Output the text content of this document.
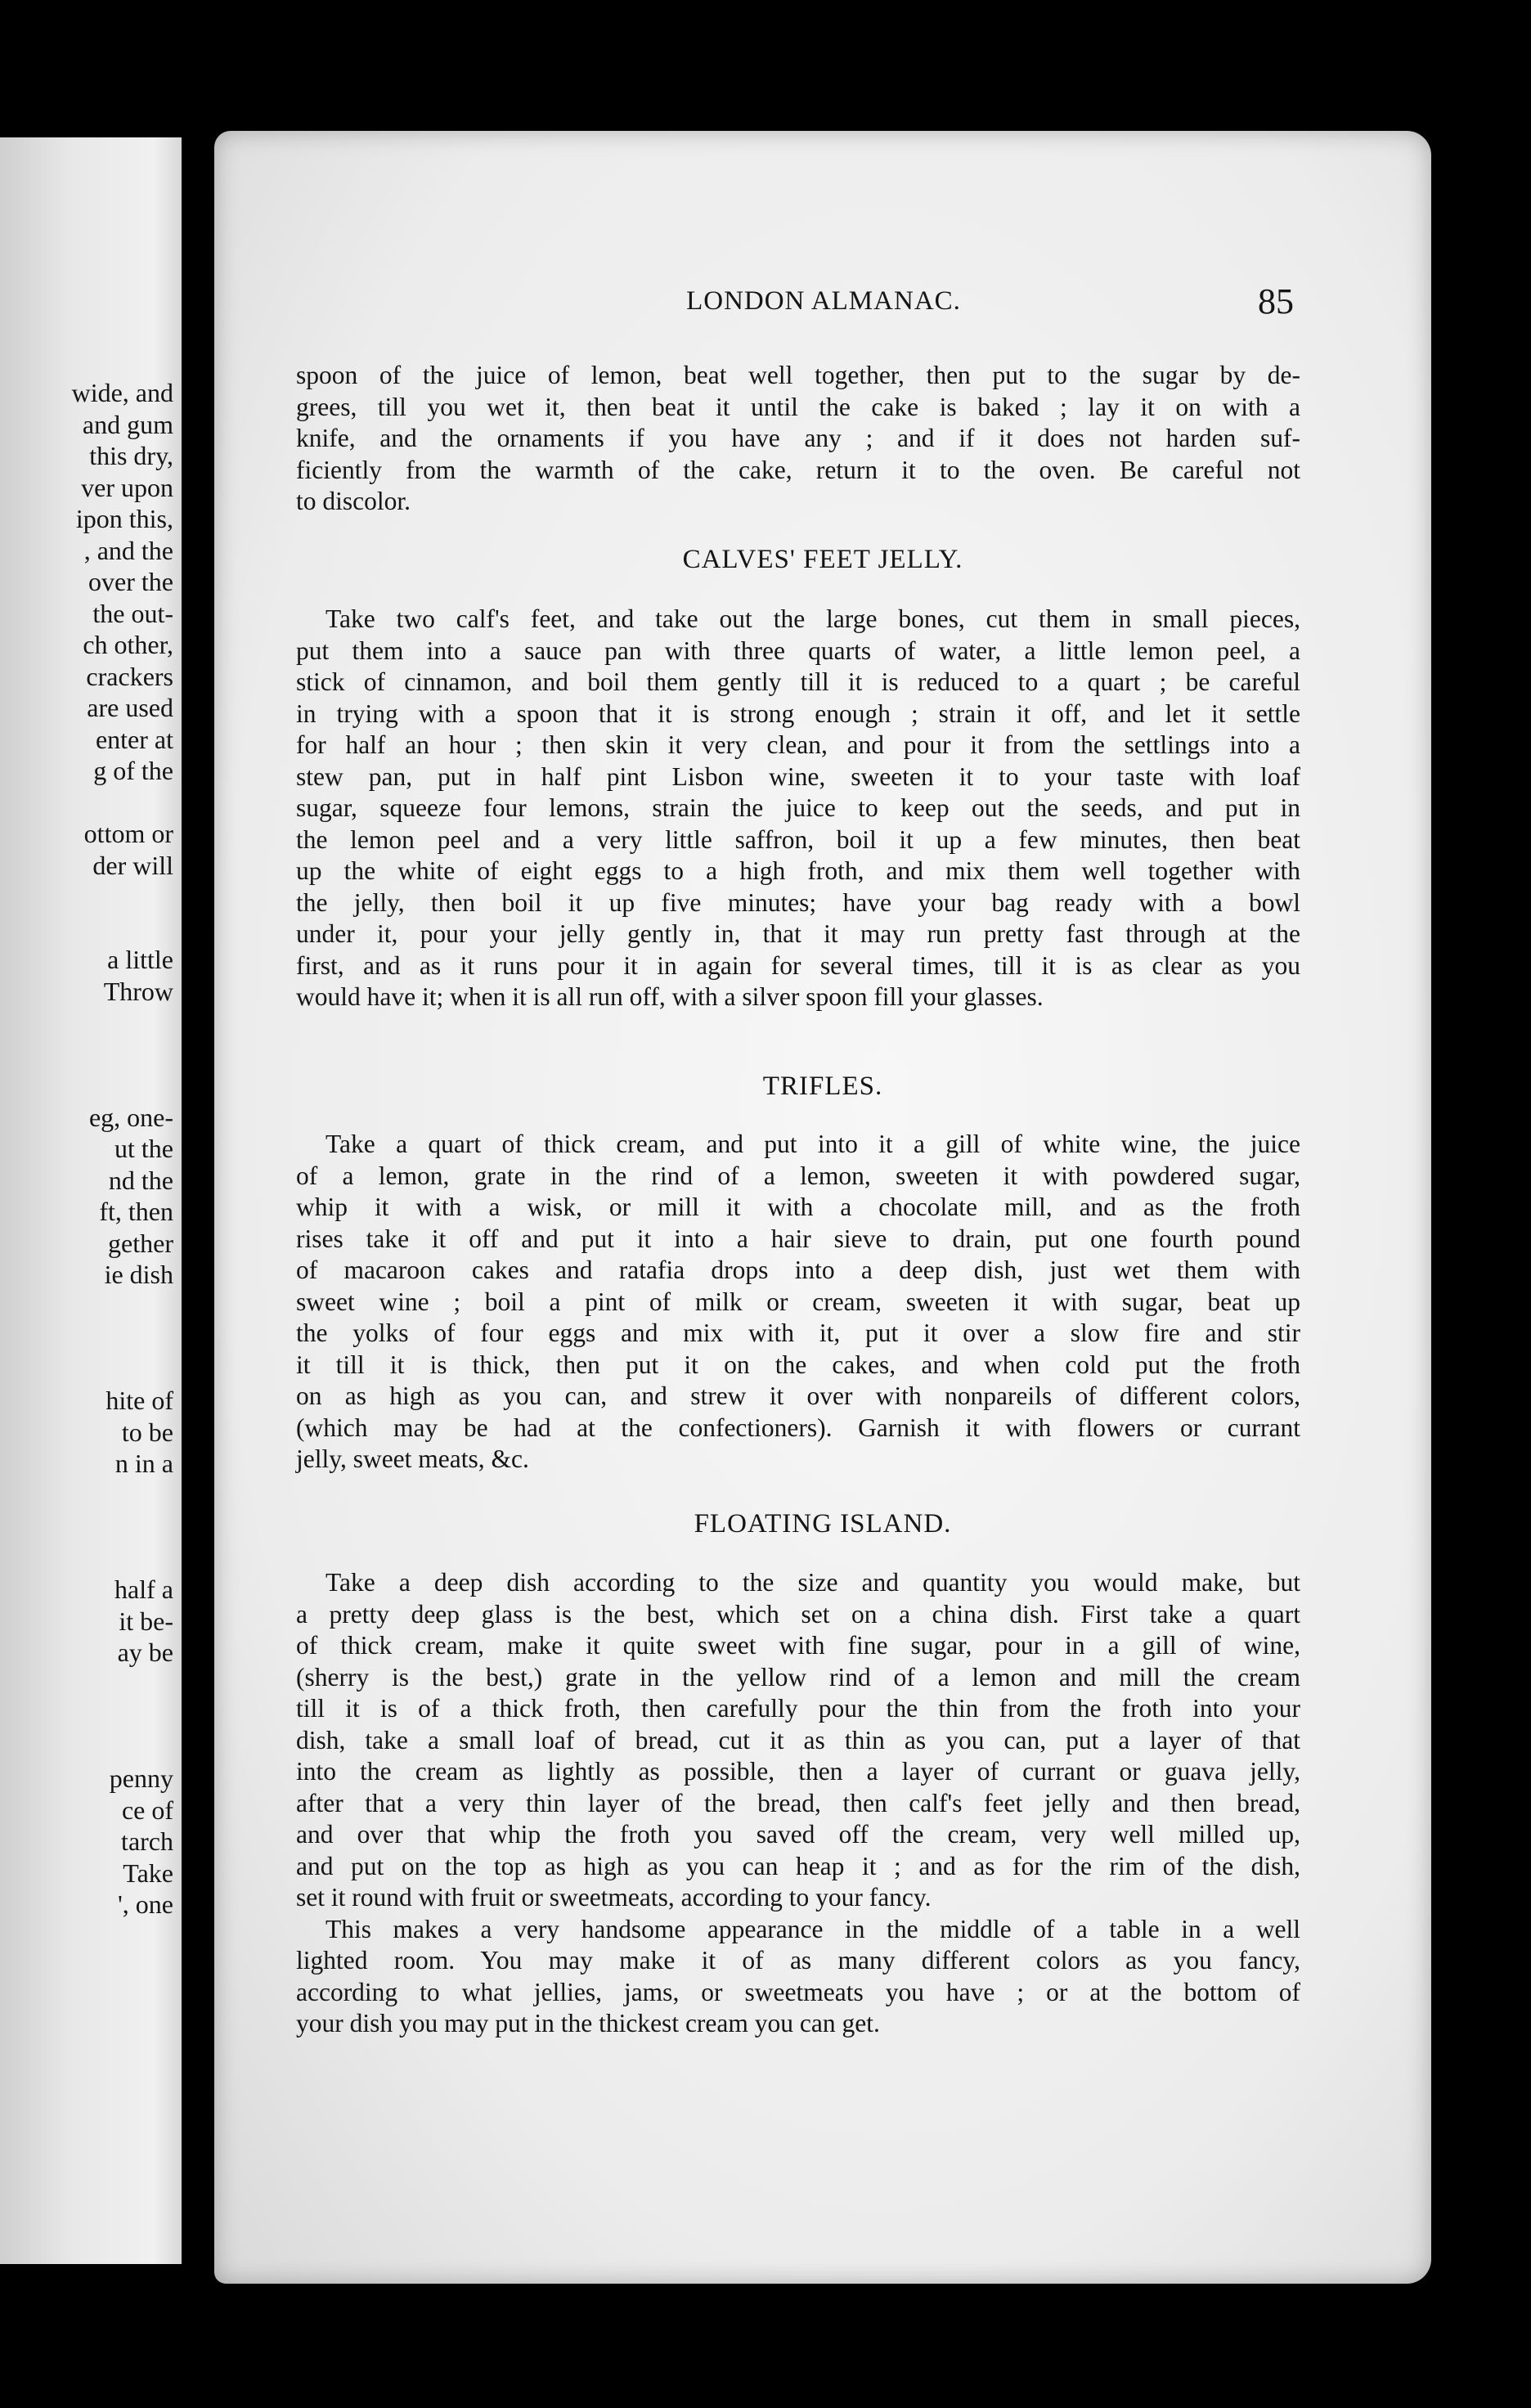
wide, and
and gum
this dry,
ver upon
ipon this,
, and the
over the
the out-
ch other,
crackers
are used
enter at
g of the
ottom or
der will
a little
Throw
eg, one-
ut the
nd the
ft, then
gether
ie dish
hite of
to be
n in a
half a
it be-
ay be
penny
ce of
tarch
Take
', one
LONDON ALMANAC.	85
spoon of the juice of lemon, beat well together, then put to the sugar by de-
grees, till you wet it, then beat it until the cake is baked ; lay it on with a
knife, and the ornaments if you have any ; and if it does not harden suf-
ficiently from the warmth of the cake, return it to the oven. Be careful not
to discolor.
CALVES' FEET JELLY.
Take two calf's feet, and take out the large bones, cut them in small pieces,
put them into a sauce pan with three quarts of water, a little lemon peel, a
stick of cinnamon, and boil them gently till it is reduced to a quart ; be careful
in trying with a spoon that it is strong enough ; strain it off, and let it settle
for half an hour ; then skin it very clean, and pour it from the settlings into a
stew pan, put in half pint Lisbon wine, sweeten it to your taste with loaf
sugar, squeeze four lemons, strain the juice to keep out the seeds, and put in
the lemon peel and a very little saffron, boil it up a few minutes, then beat
up the white of eight eggs to a high froth, and mix them well together with
the jelly, then boil it up five minutes; have your bag ready with a bowl
under it, pour your jelly gently in, that it may run pretty fast through at the
first, and as it runs pour it in again for several times, till it is as clear as you
would have it; when it is all run off, with a silver spoon fill your glasses.
TRIFLES.
Take a quart of thick cream, and put into it a gill of white wine, the juice
of a lemon, grate in the rind of a lemon, sweeten it with powdered sugar,
whip it with a wisk, or mill it with a chocolate mill, and as the froth
rises take it off and put it into a hair sieve to drain, put one fourth pound
of macaroon cakes and ratafia drops into a deep dish, just wet them with
sweet wine ; boil a pint of milk or cream, sweeten it with sugar, beat up
the yolks of four eggs and mix with it, put it over a slow fire and stir
it till it is thick, then put it on the cakes, and when cold put the froth
on as high as you can, and strew it over with nonpareils of different colors,
(which may be had at the confectioners). Garnish it with flowers or currant
jelly, sweet meats, &c.
FLOATING ISLAND.
Take a deep dish according to the size and quantity you would make, but
a pretty deep glass is the best, which set on a china dish. First take a quart
of thick cream, make it quite sweet with fine sugar, pour in a gill of wine,
(sherry is the best,) grate in the yellow rind of a lemon and mill the cream
till it is of a thick froth, then carefully pour the thin from the froth into your
dish, take a small loaf of bread, cut it as thin as you can, put a layer of that
into the cream as lightly as possible, then a layer of currant or guava jelly,
after that a very thin layer of the bread, then calf's feet jelly and then bread,
and over that whip the froth you saved off the cream, very well milled up,
and put on the top as high as you can heap it ; and as for the rim of the dish,
set it round with fruit or sweetmeats, according to your fancy.
This makes a very handsome appearance in the middle of a table in a well
lighted room. You may make it of as many different colors as you fancy,
according to what jellies, jams, or sweetmeats you have ; or at the bottom of
your dish you may put in the thickest cream you can get.
